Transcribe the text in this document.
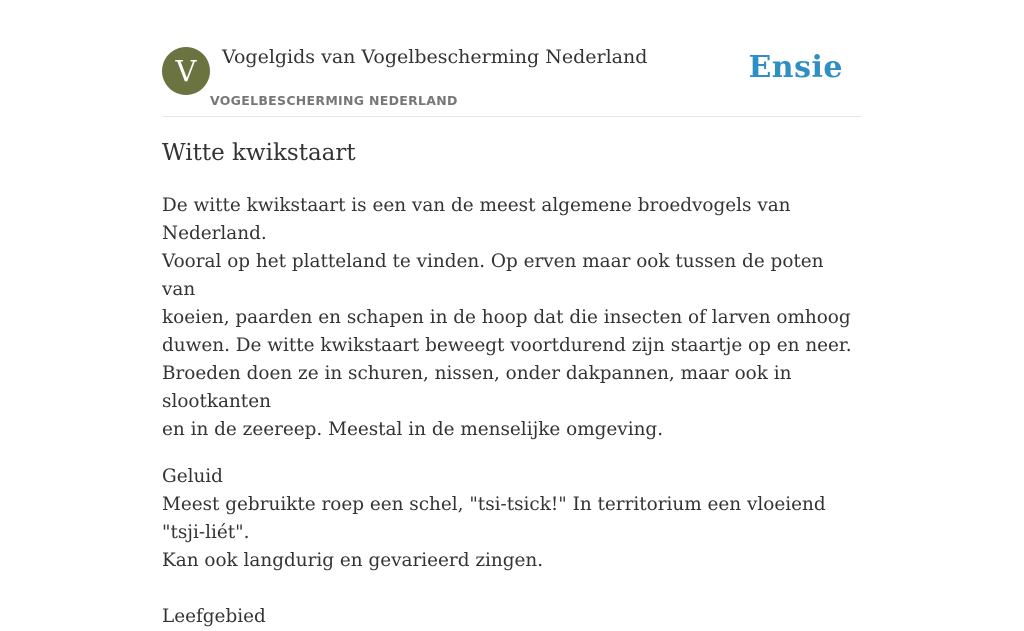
V	Vogelgids van Vogelbescherming Nederland
VOGELBESCHERMING NEDERLAND
Ensie
Witte kwikstaart

De witte kwikstaart is een van de meest algemene broedvogels van Nederland.

Vooral op het platteland te vinden. Op erven maar ook tussen de poten van

koeien, paarden en schapen in de hoop dat die insecten of larven omhoog

duwen. De witte kwikstaart beweegt voortdurend zijn staartje op en neer.

Broeden doen ze in schuren, nissen, onder dakpannen, maar ook in slootkanten

en in de zeereep. Meestal in de menselijke omgeving.

Geluid

Meest gebruikte roep een schel, "tsi-tsick!" In territorium een vloeiend "tsji-liét".

Kan ook langdurig en gevarieerd zingen.

Leefgebied
